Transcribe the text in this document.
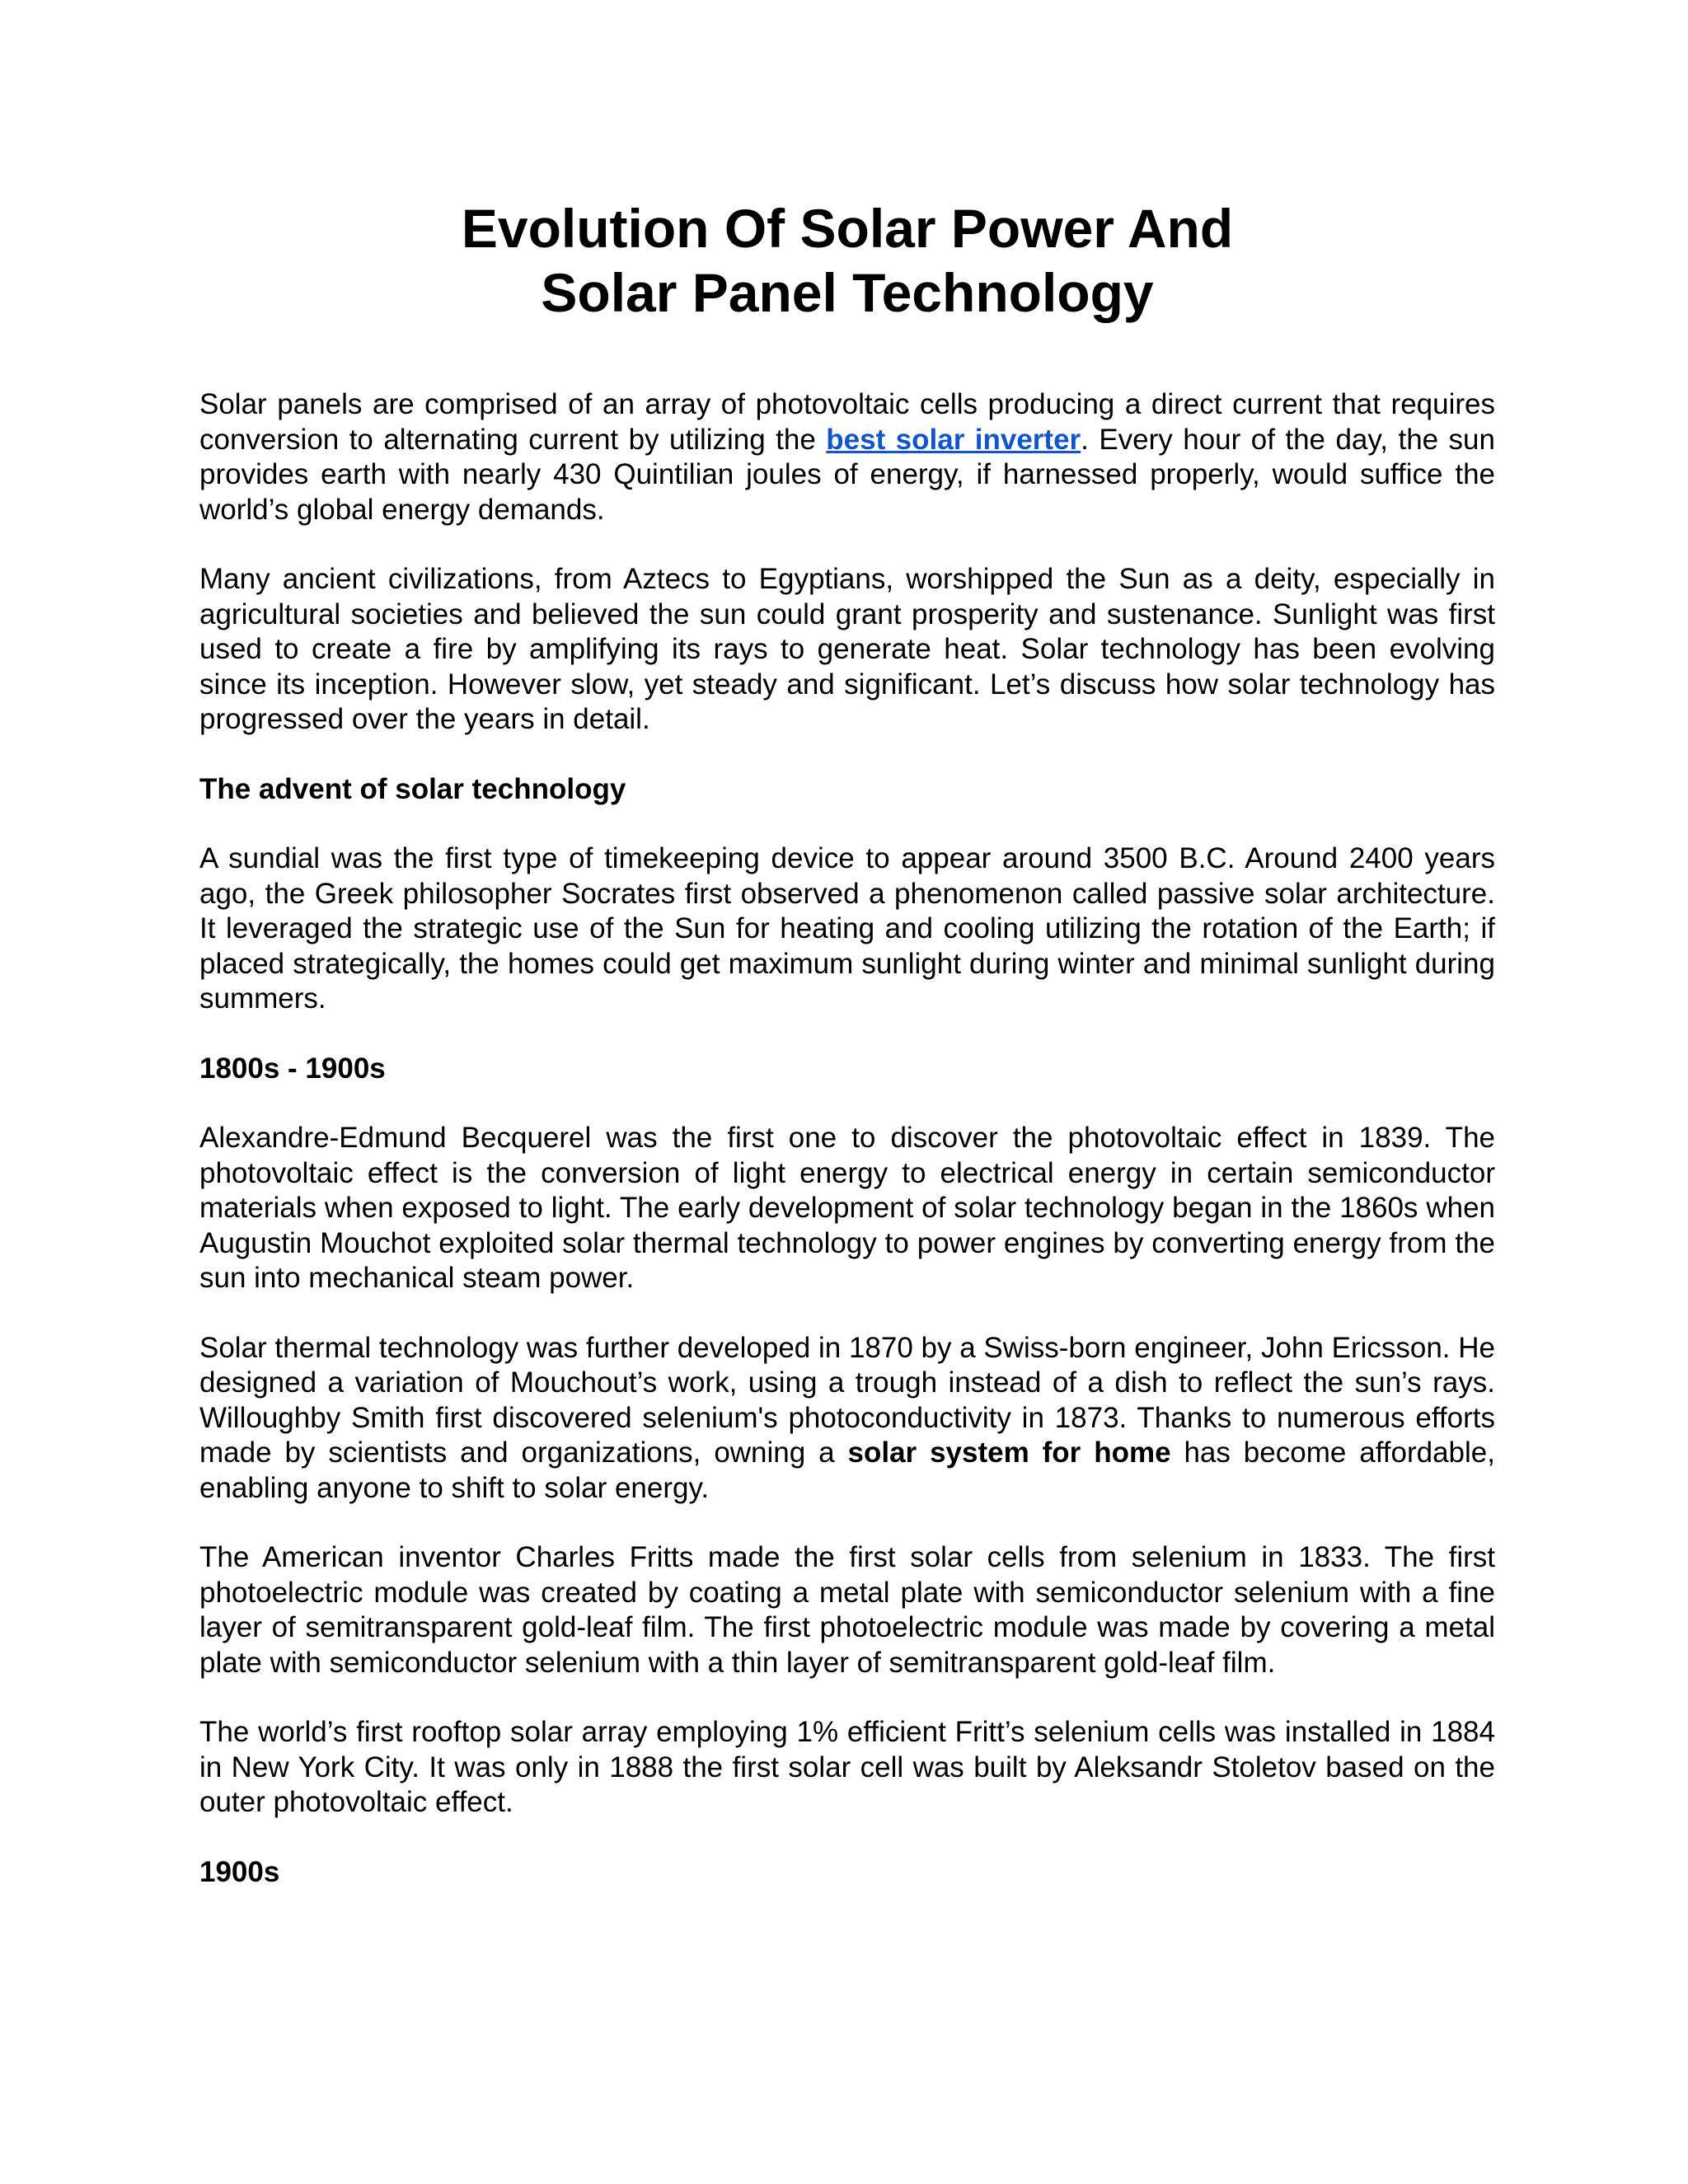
Evolution Of Solar Power And
Solar Panel Technology

Solar panels are comprised of an array of photovoltaic cells producing a direct current that requires conversion to alternating current by utilizing the best solar inverter. Every hour of the day, the sun provides earth with nearly 430 Quintilian joules of energy, if harnessed properly, would suffice the world’s global energy demands.

Many ancient civilizations, from Aztecs to Egyptians, worshipped the Sun as a deity, especially in agricultural societies and believed the sun could grant prosperity and sustenance. Sunlight was first used to create a fire by amplifying its rays to generate heat. Solar technology has been evolving since its inception. However slow, yet steady and significant. Let’s discuss how solar technology has progressed over the years in detail.

The advent of solar technology

A sundial was the first type of timekeeping device to appear around 3500 B.C. Around 2400 years ago, the Greek philosopher Socrates first observed a phenomenon called passive solar architecture. It leveraged the strategic use of the Sun for heating and cooling utilizing the rotation of the Earth; if placed strategically, the homes could get maximum sunlight during winter and minimal sunlight during summers.

1800s - 1900s

Alexandre-Edmund Becquerel was the first one to discover the photovoltaic effect in 1839. The photovoltaic effect is the conversion of light energy to electrical energy in certain semiconductor materials when exposed to light. The early development of solar technology began in the 1860s when Augustin Mouchot exploited solar thermal technology to power engines by converting energy from the sun into mechanical steam power.

Solar thermal technology was further developed in 1870 by a Swiss-born engineer, John Ericsson. He designed a variation of Mouchout’s work, using a trough instead of a dish to reflect the sun’s rays. Willoughby Smith first discovered selenium's photoconductivity in 1873. Thanks to numerous efforts made by scientists and organizations, owning a solar system for home has become affordable, enabling anyone to shift to solar energy.

The American inventor Charles Fritts made the first solar cells from selenium in 1833. The first photoelectric module was created by coating a metal plate with semiconductor selenium with a fine layer of semitransparent gold-leaf film. The first photoelectric module was made by covering a metal plate with semiconductor selenium with a thin layer of semitransparent gold-leaf film.

The world’s first rooftop solar array employing 1% efficient Fritt’s selenium cells was installed in 1884 in New York City. It was only in 1888 the first solar cell was built by Aleksandr Stoletov based on the outer photovoltaic effect.

1900s
